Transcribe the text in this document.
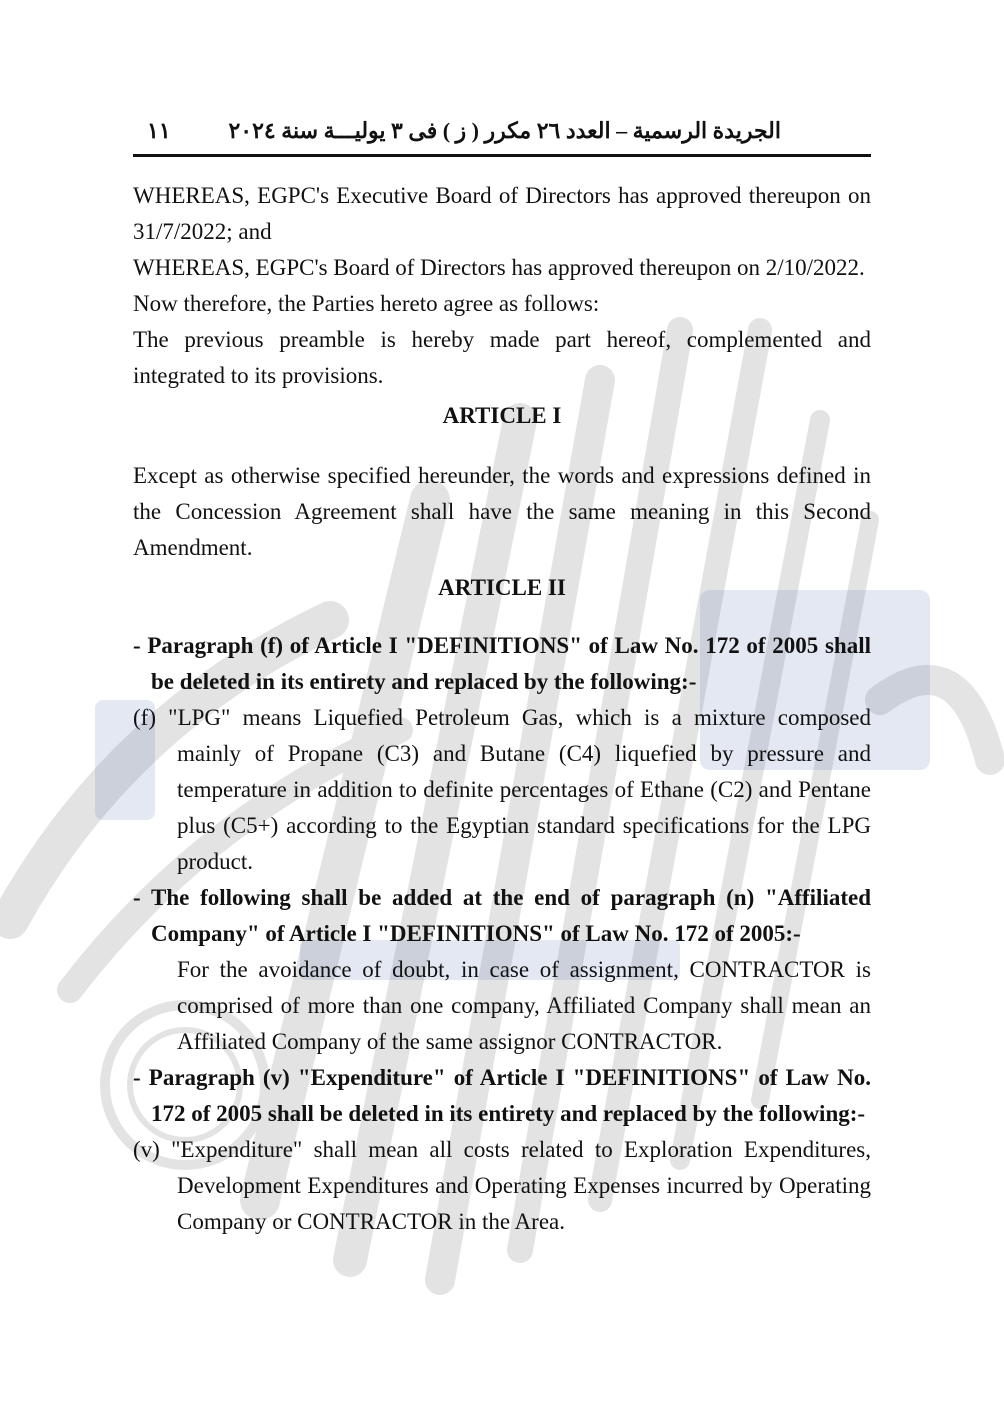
١١	الجريدة الرسمية – العدد ٢٦ مكرر ( ز ) فى ٣ يوليـــة سنة ٢٠٢٤

WHEREAS, EGPC's Executive Board of Directors has approved thereupon on 31/7/2022; and

WHEREAS, EGPC's Board of Directors has approved thereupon on 2/10/2022.

Now therefore, the Parties hereto agree as follows:

The previous preamble is hereby made part hereof, complemented and integrated to its provisions.

ARTICLE I

Except as otherwise specified hereunder, the words and expressions defined in the Concession Agreement shall have the same meaning in this Second Amendment.

ARTICLE II

- Paragraph (f) of Article I "DEFINITIONS" of Law No. 172 of 2005 shall be deleted in its entirety and replaced by the following:-

(f) "LPG" means Liquefied Petroleum Gas, which is a mixture composed mainly of Propane (C3) and Butane (C4) liquefied by pressure and temperature in addition to definite percentages of Ethane (C2) and Pentane plus (C5+) according to the Egyptian standard specifications for the LPG product.

- The following shall be added at the end of paragraph (n) "Affiliated Company" of Article I "DEFINITIONS" of Law No. 172 of 2005:-

For the avoidance of doubt, in case of assignment, CONTRACTOR is comprised of more than one company, Affiliated Company shall mean an Affiliated Company of the same assignor CONTRACTOR.

- Paragraph (v) "Expenditure" of Article I "DEFINITIONS" of Law No. 172 of 2005 shall be deleted in its entirety and replaced by the following:-

(v) "Expenditure" shall mean all costs related to Exploration Expenditures, Development Expenditures and Operating Expenses incurred by Operating Company or CONTRACTOR in the Area.
